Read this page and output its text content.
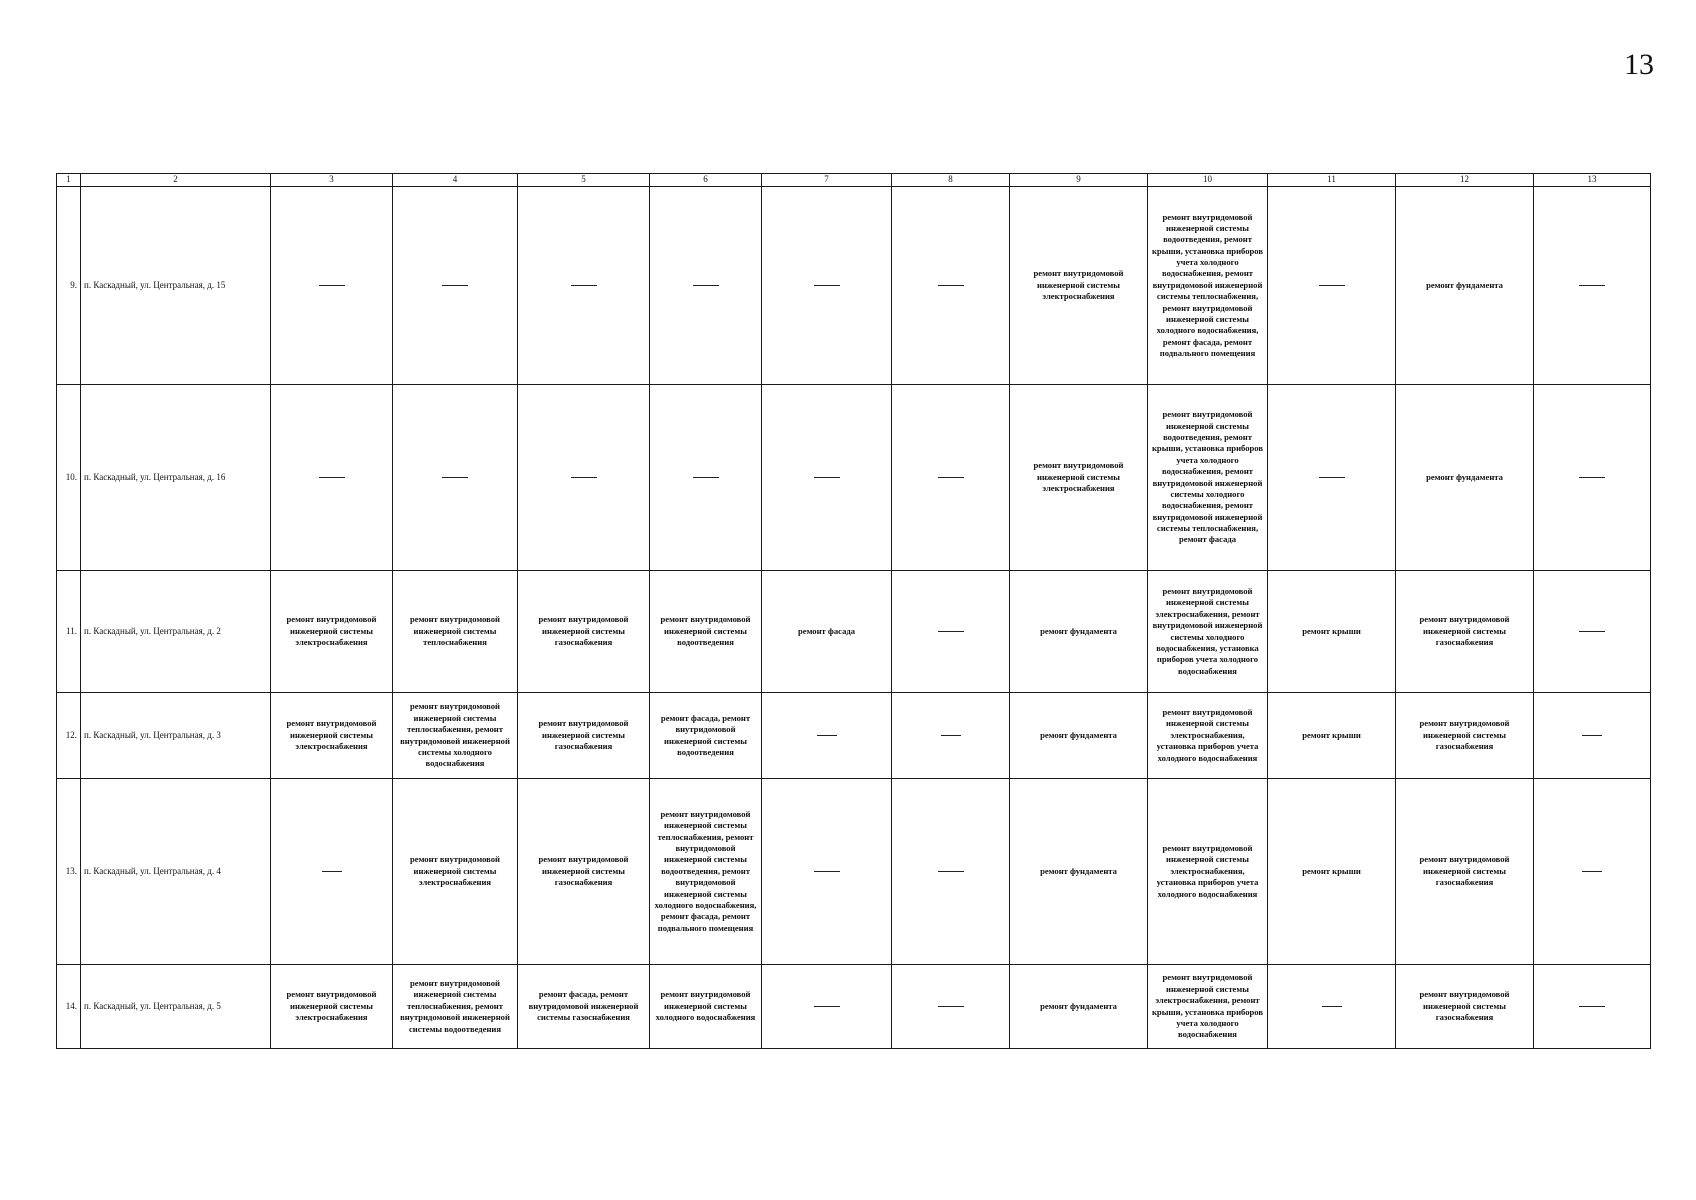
13
1	2	3	4	5	6	7	8	9	10	11	12	13
9.	п. Каскадный, ул. Центральная, д. 15							ремонт внутридомовой инженерной системы электроснабжения	ремонт внутридомовой инженерной системы водоотведения, ремонт крыши, установка приборов учета холодного водоснабжения, ремонт внутридомовой инженерной системы теплоснабжения, ремонт внутридомовой инженерной системы холодного водоснабжения, ремонт фасада, ремонт подвального помещения		ремонт фундамента	
10.	п. Каскадный, ул. Центральная, д. 16							ремонт внутридомовой инженерной системы электроснабжения	ремонт внутридомовой инженерной системы водоотведения, ремонт крыши, установка приборов учета холодного водоснабжения, ремонт внутридомовой инженерной системы холодного водоснабжения, ремонт внутридомовой инженерной системы теплоснабжения, ремонт фасада		ремонт фундамента	
11.	п. Каскадный, ул. Центральная, д. 2	ремонт внутридомовой инженерной системы электроснабжения	ремонт внутридомовой инженерной системы теплоснабжения	ремонт внутридомовой инженерной системы газоснабжения	ремонт внутридомовой инженерной системы водоотведения	ремонт фасада		ремонт фундамента	ремонт внутридомовой инженерной системы электроснабжения, ремонт внутридомовой инженерной системы холодного водоснабжения, установка приборов учета холодного водоснабжения	ремонт крыши	ремонт внутридомовой инженерной системы газоснабжения	
12.	п. Каскадный, ул. Центральная, д. 3	ремонт внутридомовой инженерной системы электроснабжения	ремонт внутридомовой инженерной системы теплоснабжения, ремонт внутридомовой инженерной системы холодного водоснабжения	ремонт внутридомовой инженерной системы газоснабжения	ремонт фасада, ремонт внутридомовой инженерной системы водоотведения			ремонт фундамента	ремонт внутридомовой инженерной системы электроснабжения, установка приборов учета холодного водоснабжения	ремонт крыши	ремонт внутридомовой инженерной системы газоснабжения	
13.	п. Каскадный, ул. Центральная, д. 4		ремонт внутридомовой инженерной системы электроснабжения	ремонт внутридомовой инженерной системы газоснабжения	ремонт внутридомовой инженерной системы теплоснабжения, ремонт внутридомовой инженерной системы водоотведения, ремонт внутридомовой инженерной системы холодного водоснабжения, ремонт фасада, ремонт подвального помещения			ремонт фундамента	ремонт внутридомовой инженерной системы электроснабжения, установка приборов учета холодного водоснабжения	ремонт крыши	ремонт внутридомовой инженерной системы газоснабжения	
14.	п. Каскадный, ул. Центральная, д. 5	ремонт внутридомовой инженерной системы электроснабжения	ремонт внутридомовой инженерной системы теплоснабжения, ремонт внутридомовой инженерной системы водоотведения	ремонт фасада, ремонт внутридомовой инженерной системы газоснабжения	ремонт внутридомовой инженерной системы холодного водоснабжения			ремонт фундамента	ремонт внутридомовой инженерной системы электроснабжения, ремонт крыши, установка приборов учета холодного водоснабжения		ремонт внутридомовой инженерной системы газоснабжения	
